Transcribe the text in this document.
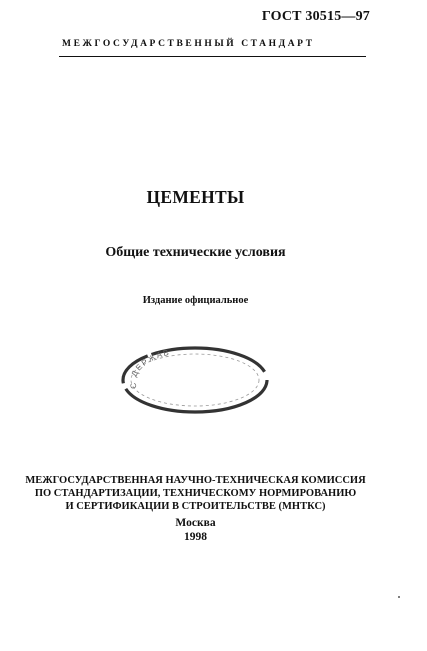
ГОСТ 30515—97
МЕЖГОСУДАРСТВЕННЫЙ СТАНДАРТ
ЦЕМЕНТЫ
Общие технические условия
Издание официальное
С ДЕРЖАВ
МЕЖГОСУДАРСТВЕННАЯ НАУЧНО-ТЕХНИЧЕСКАЯ КОМИССИЯ
ПО СТАНДАРТИЗАЦИИ, ТЕХНИЧЕСКОМУ НОРМИРОВАНИЮ
И СЕРТИФИКАЦИИ В СТРОИТЕЛЬСТВЕ (МНТКС)
Москва
1998
